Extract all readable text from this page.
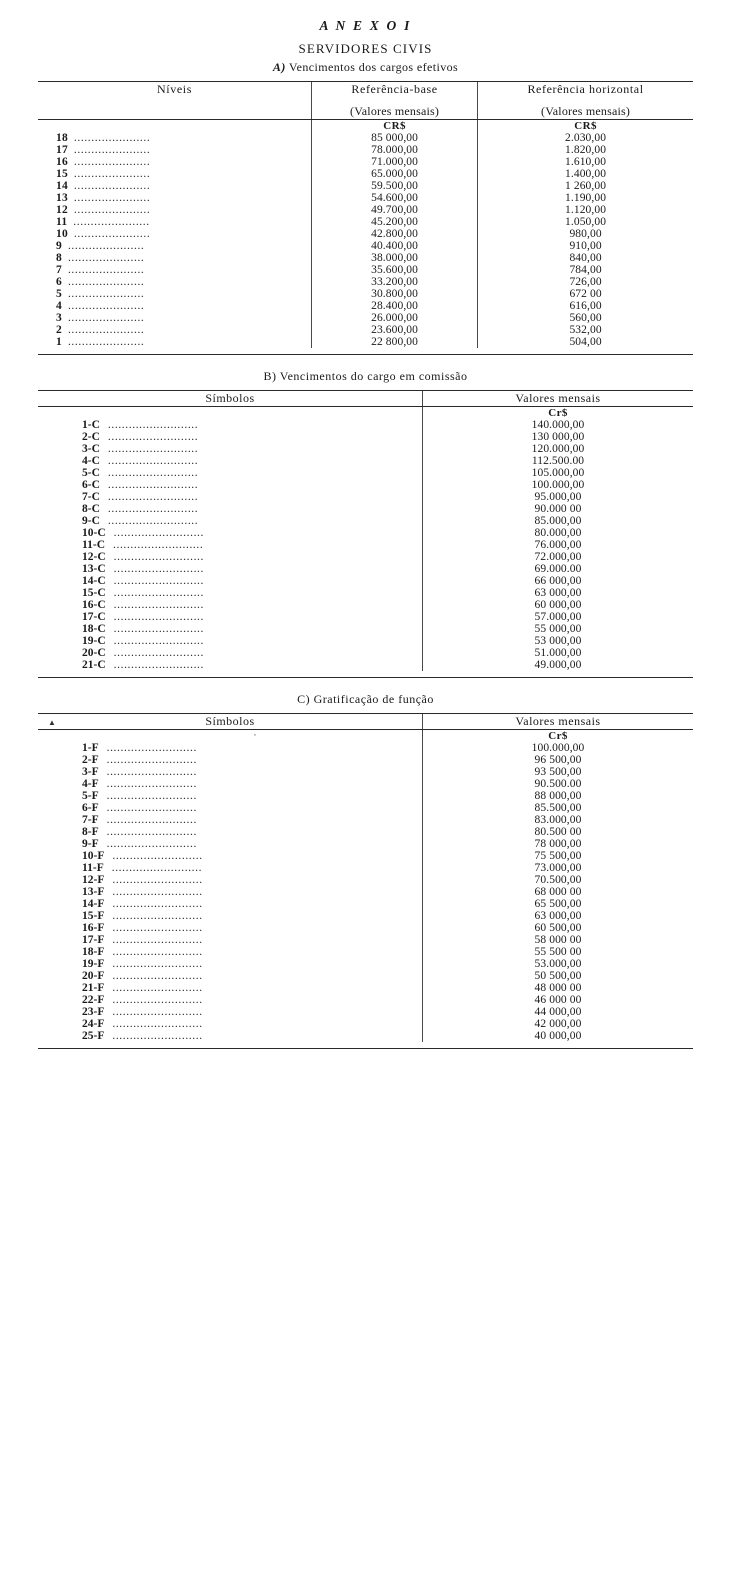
A N E X O I
SERVIDORES CIVIS
A) Vencimentos dos cargos efetivos
Níveis	Referência-base
(Valores mensais)

Referência horizontal
(Valores mensais)

	CR$	CR$
18 ......................	85 000,00	2.030,00
17 ......................	78.000,00	1.820,00
16 ......................	71.000,00	1.610,00
15 ......................	65.000,00	1.400,00
14 ......................	59.500,00	1 260,00
13 ......................	54.600,00	1.190,00
12 ......................	49.700,00	1.120,00
11 ......................	45.200,00	1.050,00
10 ......................	42.800,00	980,00
9 ......................	40.400,00	910,00
8 ......................	38.000,00	840,00
7 ......................	35.600,00	784,00
6 ......................	33.200,00	726,00
5 ......................	30.800,00	672 00
4 ......................	28.400,00	616,00
3 ......................	26.000,00	560,00
2 ......................	23.600,00	532,00
1 ......................	22 800,00	504,00

B) Vencimentos do cargo em comissão
Símbolos	Valores mensais
	Cr$
1-C ..........................	140.000,00
2-C ..........................	130 000,00
3-C ..........................	120.000,00
4-C ..........................	112.500.00
5-C ..........................	105.000,00
6-C ..........................	100.000,00
7-C ..........................	95.000,00
8-C ..........................	90.000 00
9-C ..........................	85.000,00
10-C ..........................	80.000,00
11-C ..........................	76.000,00
12-C ..........................	72.000,00
13-C ..........................	69.000.00
14-C ..........................	66 000,00
15-C ..........................	63 000,00
16-C ..........................	60 000,00
17-C ..........................	57.000,00
18-C ..........................	55 000,00
19-C ..........................	53 000,00
20-C ..........................	51.000,00
21-C ..........................	49.000,00

C) Gratificação de função
▲ Símbolos
,	Valores mensais
	Cr$
1-F ..........................	100.000,00
2-F ..........................	96 500,00
3-F ..........................	93 500,00
4-F ..........................	90.500.00
5-F ..........................	88 000,00
6-F ..........................	85.500,00
7-F ..........................	83.000,00
8-F ..........................	80.500 00
9-F ..........................	78 000,00
10-F ..........................	75 500,00
11-F ..........................	73.000,00
12-F ..........................	70.500,00
13-F ..........................	68 000 00
14-F ..........................	65 500,00
15-F ..........................	63 000,00
16-F ..........................	60 500,00
17-F ..........................	58 000 00
18-F ..........................	55 500 00
19-F ..........................	53.000,00
20-F ..........................	50 500,00
21-F ..........................	48 000 00
22-F ..........................	46 000 00
23-F ..........................	44 000,00
24-F ..........................	42 000,00
25-F ..........................	40 000,00
